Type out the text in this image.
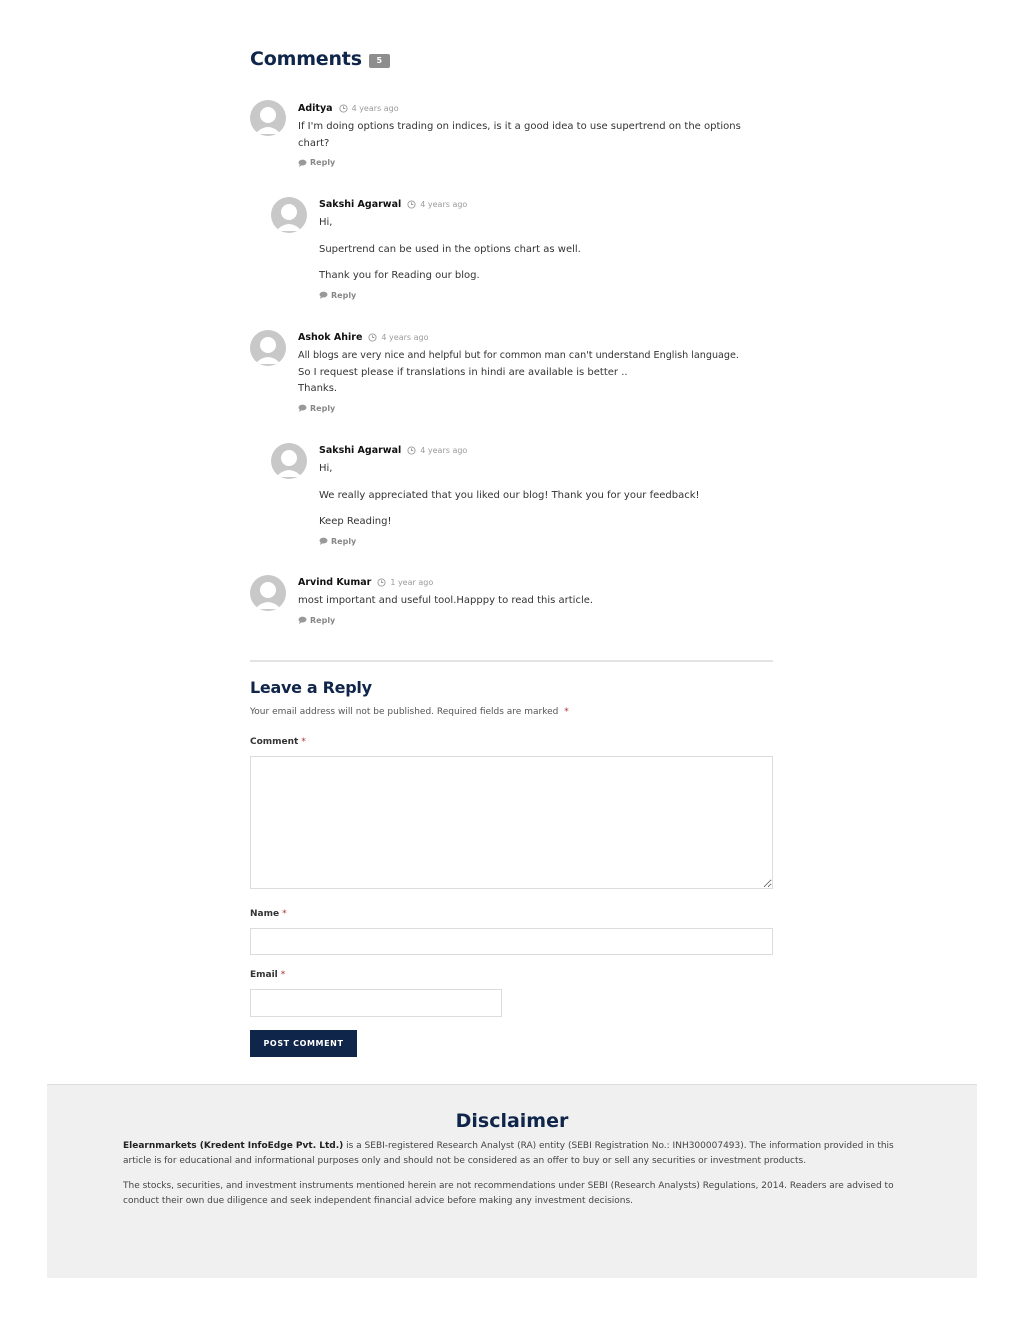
Comments	5
Aditya 4 years ago

If I'm doing options trading on indices, is it a good idea to use supertrend on the options chart?

Reply
Sakshi Agarwal 4 years ago

Hi,

Supertrend can be used in the options chart as well.

Thank you for Reading our blog.

Reply
Ashok Ahire 4 years ago

All blogs are very nice and helpful but for common man can't understand English language.

So I request please if translations in hindi are available is better ..

Thanks.

Reply
Sakshi Agarwal 4 years ago

Hi,

We really appreciated that you liked our blog! Thank you for your feedback!

Keep Reading!

Reply
Arvind Kumar 1 year ago

most important and useful tool.Happpy to read this article.

Reply
Leave a Reply
Your email address will not be published. Required fields are marked *
Comment *
Name *
Email *
POST COMMENT
Disclaimer

Elearnmarkets (Kredent InfoEdge Pvt. Ltd.) is a SEBI-registered Research Analyst (RA) entity (SEBI Registration No.: INH300007493). The information provided in this article is for educational and informational purposes only and should not be considered as an offer to buy or sell any securities or investment products.

The stocks, securities, and investment instruments mentioned herein are not recommendations under SEBI (Research Analysts) Regulations, 2014. Readers are advised to conduct their own due diligence and seek independent financial advice before making any investment decisions.
